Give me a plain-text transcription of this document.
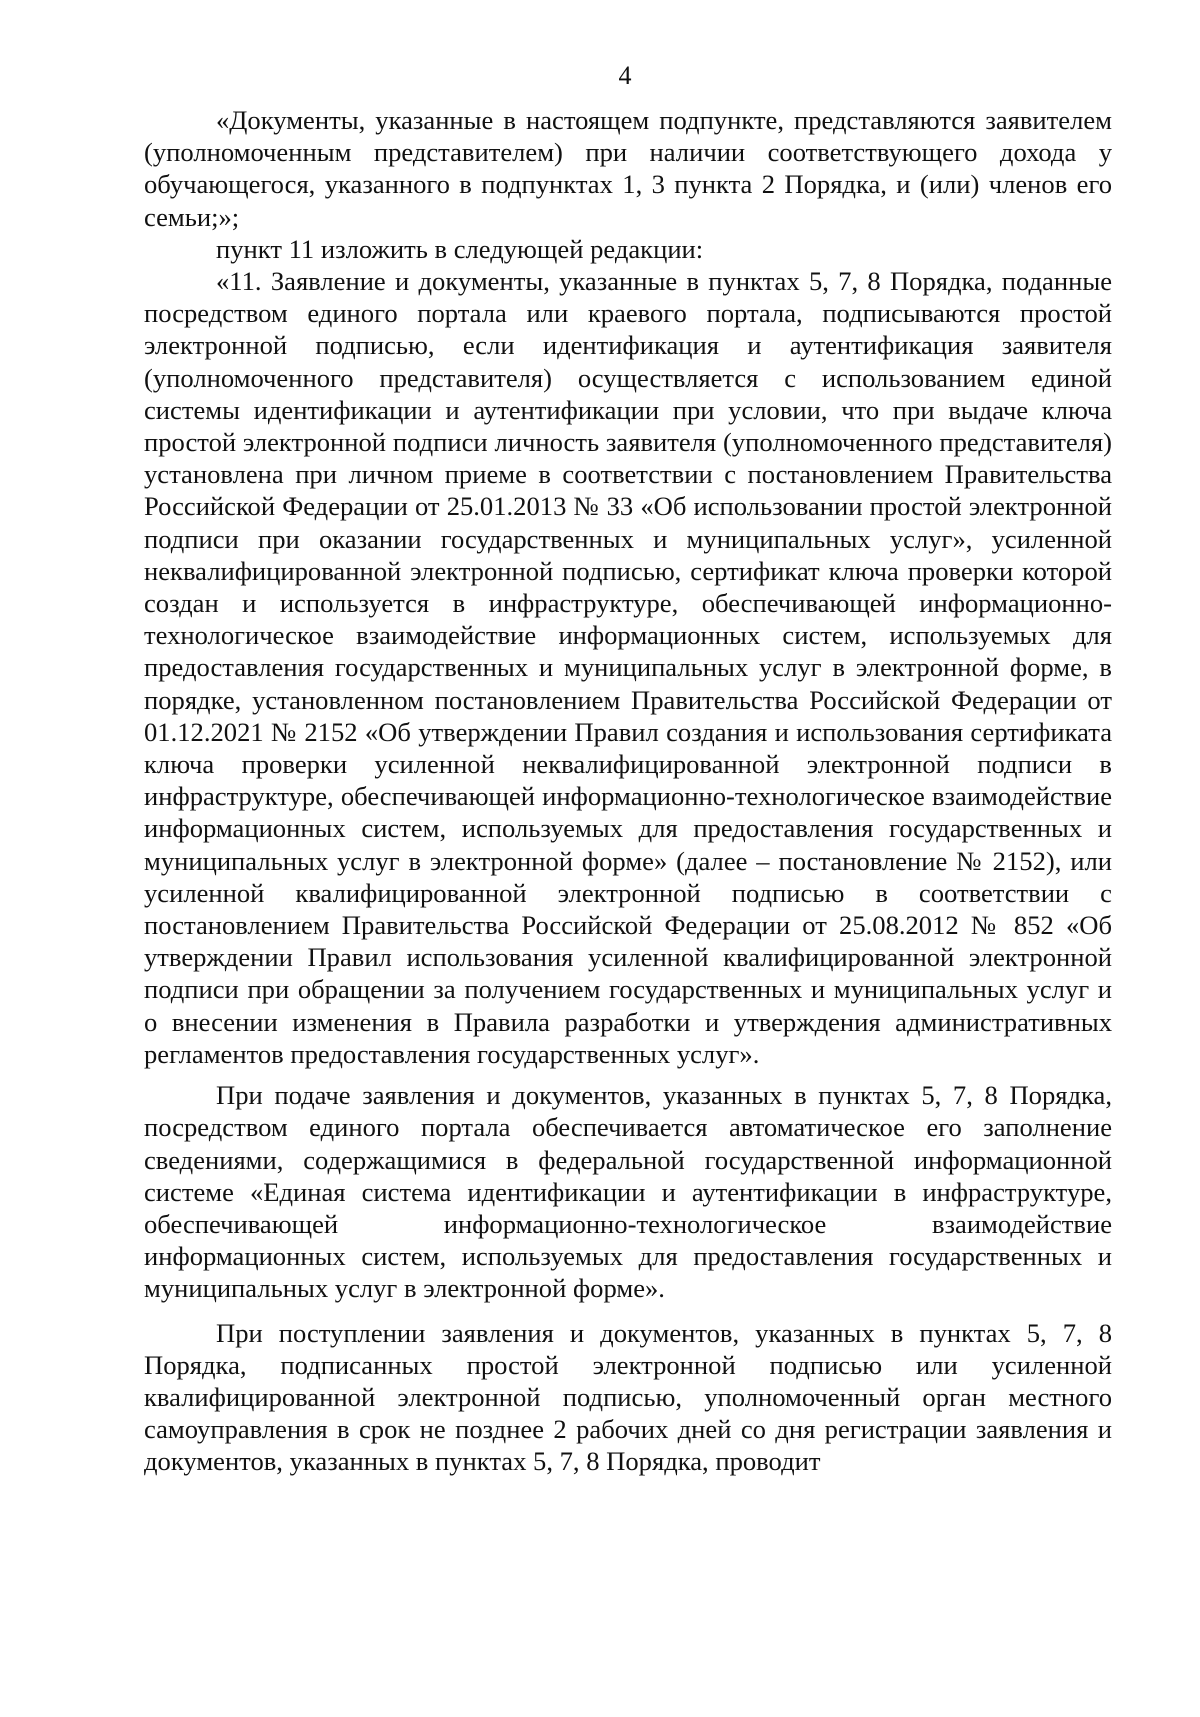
4

«Документы, указанные в настоящем подпункте, представляются заявителем (уполномоченным представителем) при наличии соответствующего дохода у обучающегося, указанного в подпунктах 1, 3 пункта 2 Порядка, и (или) членов его семьи;»;

пункт 11 изложить в следующей редакции:

«11. Заявление и документы, указанные в пунктах 5, 7, 8 Порядка, поданные посредством единого портала или краевого портала, подписываются простой электронной подписью, если идентификация и аутентификация заявителя (уполномоченного представителя) осуществляется с использованием единой системы идентификации и аутентификации при условии, что при выдаче ключа простой электронной подписи личность заявителя (уполномоченного представителя) установлена при личном приеме в соответствии с постановлением Правительства Российской Федерации от 25.01.2013 № 33 «Об использовании простой электронной подписи при оказании государственных и муниципальных услуг», усиленной неквалифицированной электронной подписью, сертификат ключа проверки которой создан и используется в инфраструктуре, обеспечивающей информационно-технологическое взаимодействие информационных систем, используемых для предоставления государственных и муниципальных услуг в электронной форме, в порядке, установленном постановлением Правительства Российской Федерации от 01.12.2021 № 2152 «Об утверждении Правил создания и использования сертификата ключа проверки усиленной неквалифицированной электронной подписи в инфраструктуре, обеспечивающей информационно-технологическое взаимодействие информационных систем, используемых для предоставления государственных и муниципальных услуг в электронной форме» (далее – постановление № 2152), или усиленной квалифицированной электронной подписью в соответствии с постановлением Правительства Российской Федерации от 25.08.2012 № 852 «Об утверждении Правил использования усиленной квалифицированной электронной подписи при обращении за получением государственных и муниципальных услуг и о внесении изменения в Правила разработки и утверждения административных регламентов предоставления государственных услуг».

При подаче заявления и документов, указанных в пунктах 5, 7, 8 Порядка, посредством единого портала обеспечивается автоматическое его заполнение сведениями, содержащимися в федеральной государственной информационной системе «Единая система идентификации и аутентификации в инфраструктуре, обеспечивающей информационно-технологическое взаимодействие информационных систем, используемых для предоставления государственных и муниципальных услуг в электронной форме».

При поступлении заявления и документов, указанных в пунктах 5, 7, 8 Порядка, подписанных простой электронной подписью или усиленной квалифицированной электронной подписью, уполномоченный орган местного самоуправления в срок не позднее 2 рабочих дней со дня регистрации заявления и документов, указанных в пунктах 5, 7, 8 Порядка, проводит
